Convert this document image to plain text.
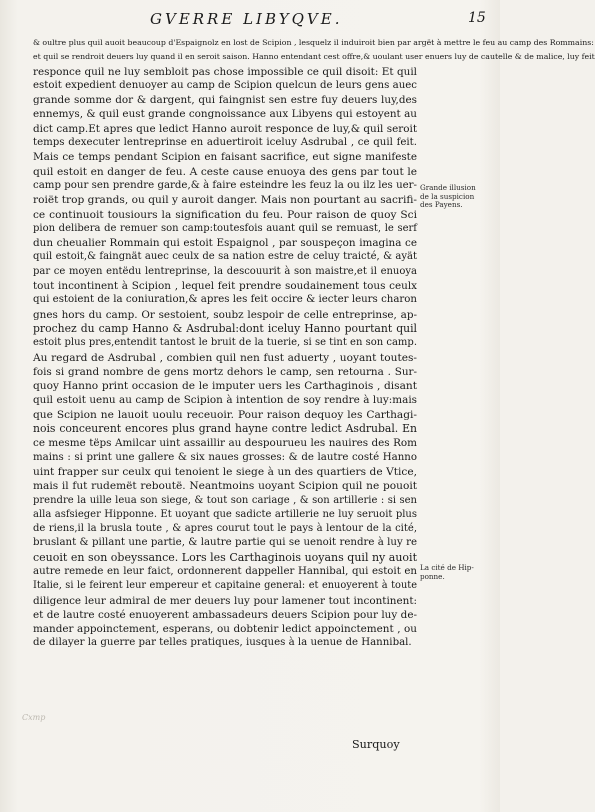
GVERRE LIBYQVE.	15
& oultre plus quil auoit beaucoup d'Espaignolz en lost de Scipion , lesquelz il induiroit bien par argët à mettre le feu au camp des Rommains:
et quil se rendroit deuers luy quand il en seroit saison. Hanno entendant cest offre,& uoulant user enuers luy de cautelle & de malice, luy feit
responce quil ne luy sembloit pas chose impossible ce quil disoit: Et quil
estoit expedient denuoyer au camp de Scipion quelcun de leurs gens auec
grande somme dor & dargent, qui faingnist sen estre fuy deuers luy,des
ennemys, & quil eust grande congnoissance aux Libyens qui estoyent au
dict camp.Et apres que ledict Hanno auroit responce de luy,& quil seroit
temps dexecuter lentreprinse en aduertiroit iceluy Asdrubal , ce quil feit.
Mais ce temps pendant Scipion en faisant sacrifice, eut signe manifeste
quil estoit en danger de feu. A ceste cause enuoya des gens par tout le
camp pour sen prendre garde,& à faire esteindre les feuz la ou ilz les uer-
roiët trop grands, ou quil y auroit danger. Mais non pourtant au sacrifi-
ce continuoit tousiours la signification du feu. Pour raison de quoy Sci
pion delibera de remuer son camp:toutesfois auant quil se remuast, le serf
dun cheualier Rommain qui estoit Espaignol , par souspeçon imagina ce
quil estoit,& faingnät auec ceulx de sa nation estre de celuy traicté, & ayät
par ce moyen entëdu lentreprinse, la descouurit à son maistre,et il enuoya
tout incontinent à Scipion , lequel feit prendre soudainement tous ceulx
qui estoient de la coniuration,& apres les feit occire & iecter leurs charon
gnes hors du camp. Or sestoient, soubz lespoir de celle entreprinse, ap-
prochez du camp Hanno & Asdrubal:dont iceluy Hanno pourtant quil
estoit plus pres,entendit tantost le bruit de la tuerie, si se tint en son camp.
Au regard de Asdrubal , combien quil nen fust aduerty , uoyant toutes-
fois si grand nombre de gens mortz dehors le camp, sen retourna . Sur-
quoy Hanno print occasion de le imputer uers les Carthaginois , disant
quil estoit uenu au camp de Scipion à intention de soy rendre à luy:mais
que Scipion ne lauoit uoulu receuoir. Pour raison dequoy les Carthagi-
nois conceurent encores plus grand hayne contre ledict Asdrubal. En
ce mesme tëps Amilcar uint assaillir au despourueu les nauires des Rom
mains : si print une gallere & six naues grosses: & de lautre costé Hanno
uint frapper sur ceulx qui tenoient le siege à un des quartiers de Vtice,
mais il fut rudemët reboutë. Neantmoins uoyant Scipion quil ne pouoit
prendre la uille leua son siege, & tout son cariage , & son artillerie : si sen
alla asfsieger Hipponne. Et uoyant que sadicte artillerie ne luy seruoit plus
de riens,il la brusla toute , & apres courut tout le pays à lentour de la cité,
bruslant & pillant une partie, & lautre partie qui se uenoit rendre à luy re
ceuoit en son obeyssance. Lors les Carthaginois uoyans quil ny auoit
autre remede en leur faict, ordonnerent dappeller Hannibal, qui estoit en
Italie, si le feirent leur empereur et capitaine general: et enuoyerent à toute
diligence leur admiral de mer deuers luy pour lamener tout incontinent:
et de lautre costé enuoyerent ambassadeurs deuers Scipion pour luy de-
mander appoinctement, esperans, ou dobtenir ledict appoinctement , ou
de dilayer la guerre par telles pratiques, iusques à la uenue de Hannibal.
Surquoy
Grande illusion
de la suspicion
des Payens.
La cité de Hip-
ponne.
Cxmp
